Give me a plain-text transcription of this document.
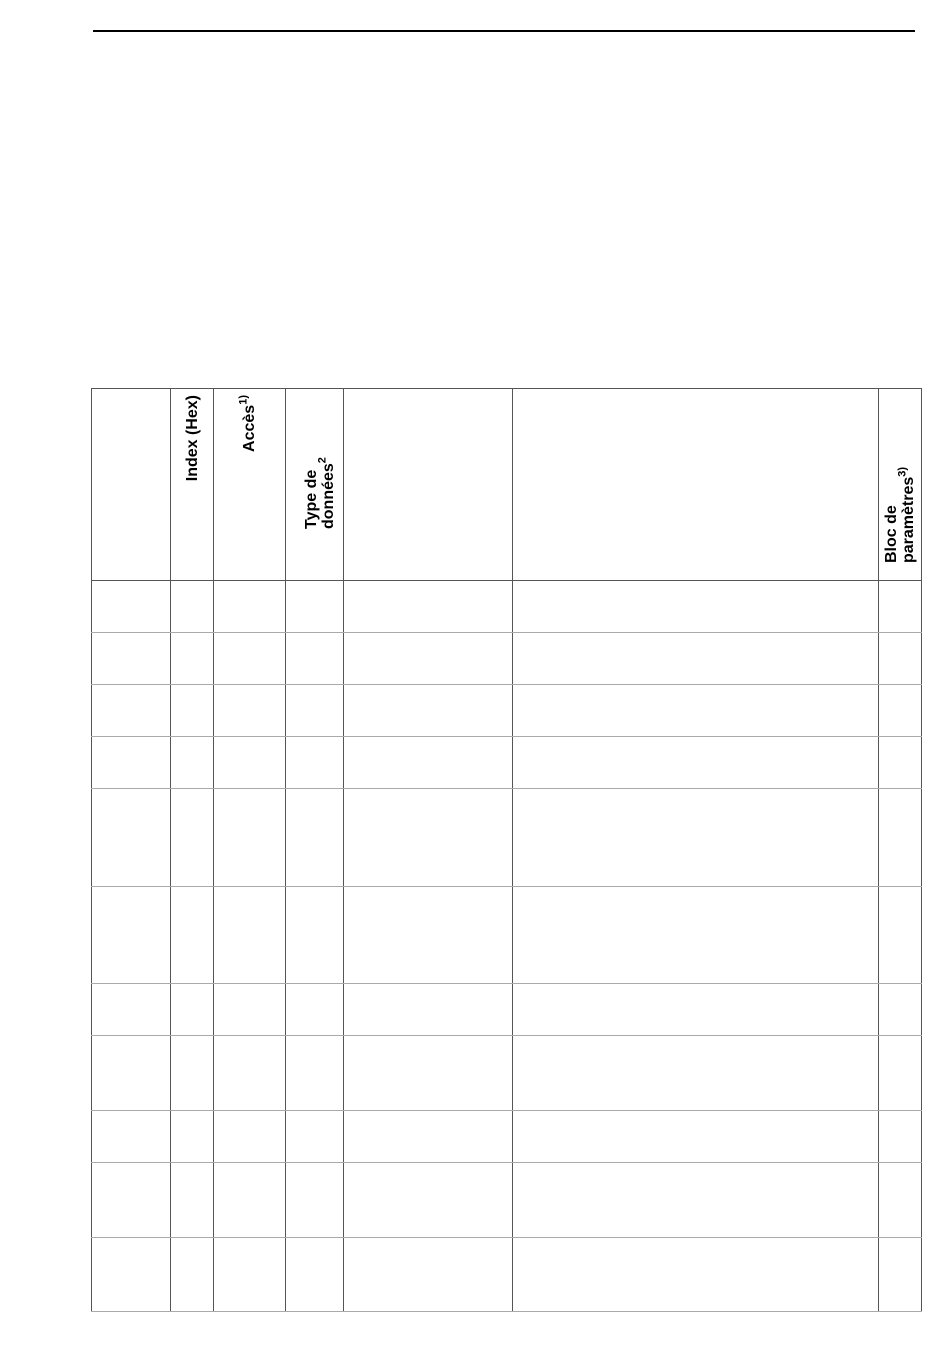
	Index (Hex)	Accès$^{1)}$	Type de données$^2$			Bloc de paramètres$^{3)}$
